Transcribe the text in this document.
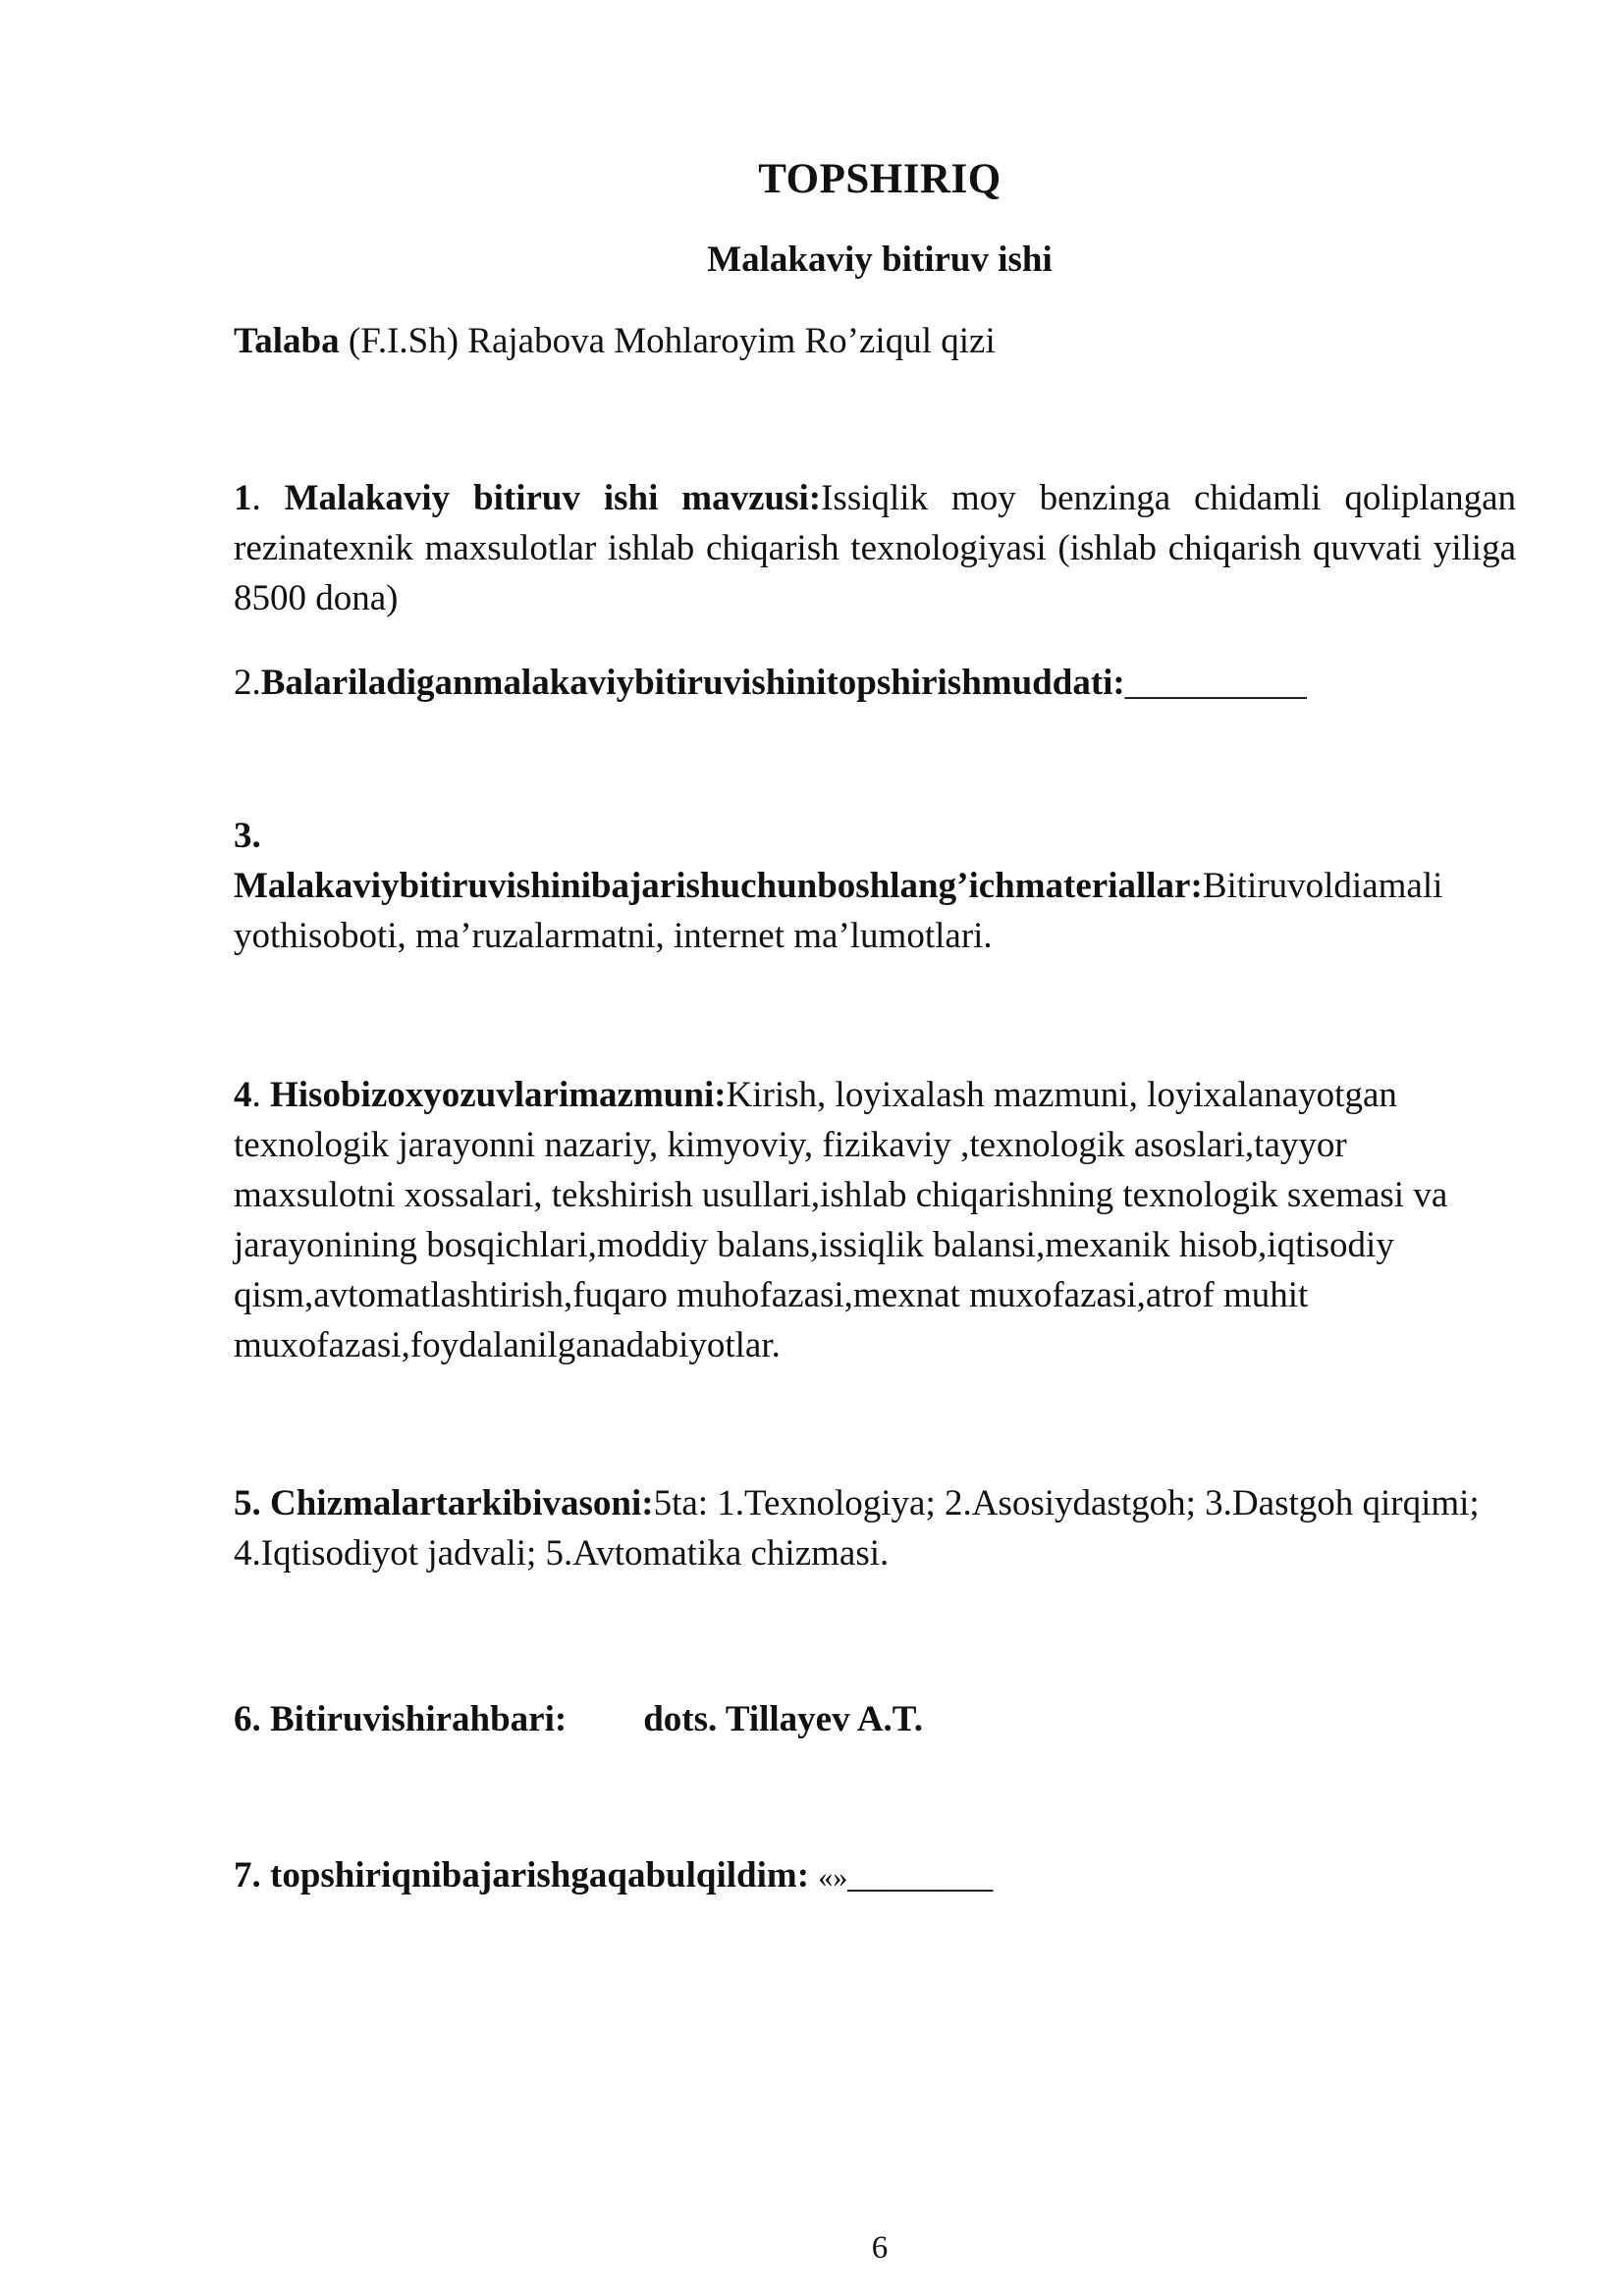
TOPSHIRIQ
Malakaviy bitiruv ishi
Talaba (F.I.Sh) Rajabova Mohlaroyim Ro’ziqul qizi
1. Malakaviy bitiruv ishi mavzusi:Issiqlik moy benzinga chidamli qoliplangan rezinatexnik maxsulotlar ishlab chiqarish texnologiyasi (ishlab chiqarish quvvati yiliga 8500 dona)
2.Balariladiganmalakaviybitiruvishinitopshirishmuddati:__________
3.
Malakaviybitiruvishinibajarishuchunboshlang’ichmateriallar:Bitiruvoldiamali yothisoboti, ma’ruzalarmatni, internet ma’lumotlari.
4. Hisobizoxyozuvlarimazmuni:Kirish, loyixalash mazmuni, loyixalanayotgan texnologik jarayonni nazariy, kimyoviy, fizikaviy ,texnologik asoslari,tayyor maxsulotni xossalari, tekshirish usullari,ishlab chiqarishning texnologik sxemasi va jarayonining bosqichlari,moddiy balans,issiqlik balansi,mexanik hisob,iqtisodiy qism,avtomatlashtirish,fuqaro muhofazasi,mexnat muxofazasi,atrof muhit muxofazasi,foydalanilganadabiyotlar.
5. Chizmalartarkibivasoni:5ta: 1.Texnologiya; 2.Asosiydastgoh; 3.Dastgoh qirqimi; 4.Iqtisodiyot jadvali; 5.Avtomatika chizmasi.
6. Bitiruvishirahbari: dots. Tillayev A.T.
7. topshiriqnibajarishgaqabulqildim: «»________
6
